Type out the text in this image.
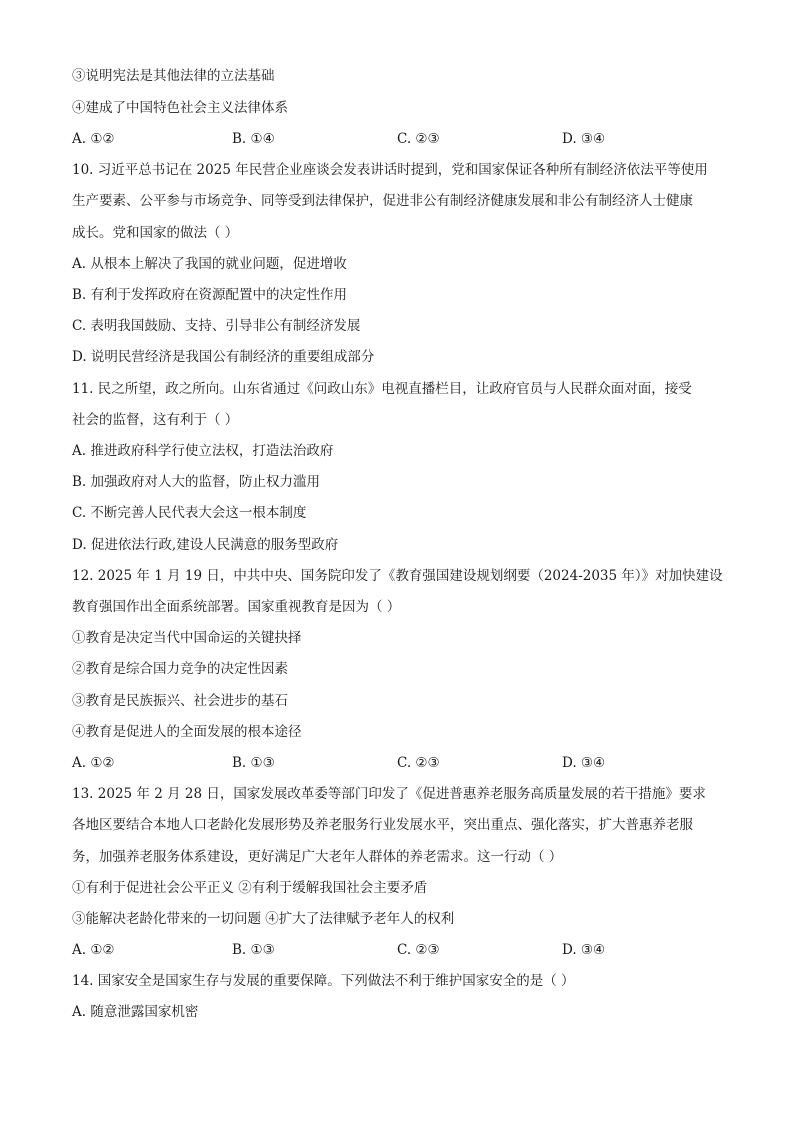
③说明宪法是其他法律的立法基础
④建成了中国特色社会主义法律体系
A. ①②	B. ①④	C. ②③	D. ③④
10. 习近平总书记在 2025 年民营企业座谈会发表讲话时提到，党和国家保证各种所有制经济依法平等使用
生产要素、公平参与市场竞争、同等受到法律保护，促进非公有制经济健康发展和非公有制经济人士健康
成长。党和国家的做法（ ）
A. 从根本上解决了我国的就业问题，促进增收
B. 有利于发挥政府在资源配置中的决定性作用
C. 表明我国鼓励、支持、引导非公有制经济发展
D. 说明民营经济是我国公有制经济的重要组成部分
11. 民之所望，政之所向。山东省通过《问政山东》电视直播栏目，让政府官员与人民群众面对面，接受
社会的监督，这有利于（ ）
A. 推进政府科学行使立法权，打造法治政府
B. 加强政府对人大的监督，防止权力滥用
C. 不断完善人民代表大会这一根本制度
D. 促进依法行政,建设人民满意的服务型政府
12. 2025 年 1 月 19 日，中共中央、国务院印发了《教育强国建设规划纲要（2024-2035 年）》对加快建设
教育强国作出全面系统部署。国家重视教育是因为（ ）
①教育是决定当代中国命运的关键抉择
②教育是综合国力竞争的决定性因素
③教育是民族振兴、社会进步的基石
④教育是促进人的全面发展的根本途径
A. ①②	B. ①③	C. ②③	D. ③④
13. 2025 年 2 月 28 日，国家发展改革委等部门印发了《促进普惠养老服务高质量发展的若干措施》要求
各地区要结合本地人口老龄化发展形势及养老服务行业发展水平，突出重点、强化落实，扩大普惠养老服
务，加强养老服务体系建设，更好满足广大老年人群体的养老需求。这一行动（ ）
①有利于促进社会公平正义 ②有利于缓解我国社会主要矛盾
③能解决老龄化带来的一切问题 ④扩大了法律赋予老年人的权利
A. ①②	B. ①③	C. ②③	D. ③④
14. 国家安全是国家生存与发展的重要保障。下列做法不利于维护国家安全的是（ ）
A. 随意泄露国家机密
